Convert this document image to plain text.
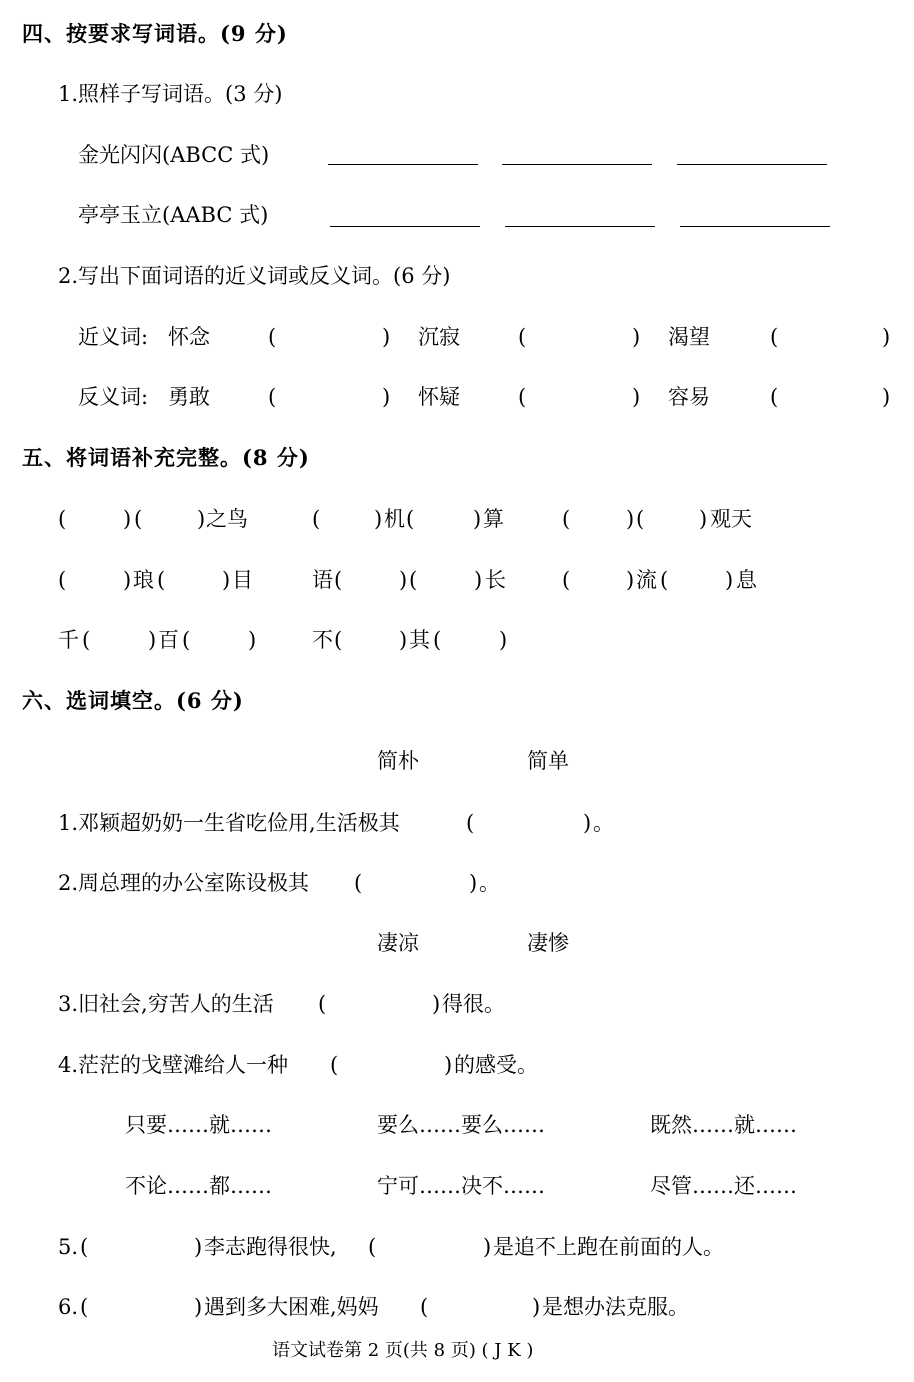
四、按要求写词语。(9 分)
1.照样子写词语。(3 分)
金光闪闪(ABCC 式)
亭亭玉立(AABC 式)
2.写出下面词语的近义词或反义词。(6 分)
近义词: 怀念	(	) 沉寂	(	) 渴望	(	)
反义词: 勇敢	(	) 怀疑	(	) 容易	(	)
五、将词语补充完整。(8 分)
(	) (	) 之鸟	(	) 机 (	) 算	(	) (	) 观天
(	) 琅 (	) 目	语 (	) (	) 长	(	) 流 (	) 息
千 (	) 百 (	)	不 (	) 其 (	)
六、选词填空。(6 分)
简朴	简单
1.邓颖超奶奶一生省吃俭用,生活极其	(	) 。
2.周总理的办公室陈设极其 (	) 。
凄凉	凄惨
3.旧社会,穷苦人的生活 (	) 得很。
4.茫茫的戈壁滩给人一种 (	) 的感受。
只要……就……	要么……要么……	既然……就……
不论……都……	宁可……决不……	尽管……还……
5. (	) 李志跑得很快, (	) 是追不上跑在前面的人。
6. (	) 遇到多大困难,妈妈 (	) 是想办法克服。
语文试卷第 2 页(共 8 页) ( J K )
